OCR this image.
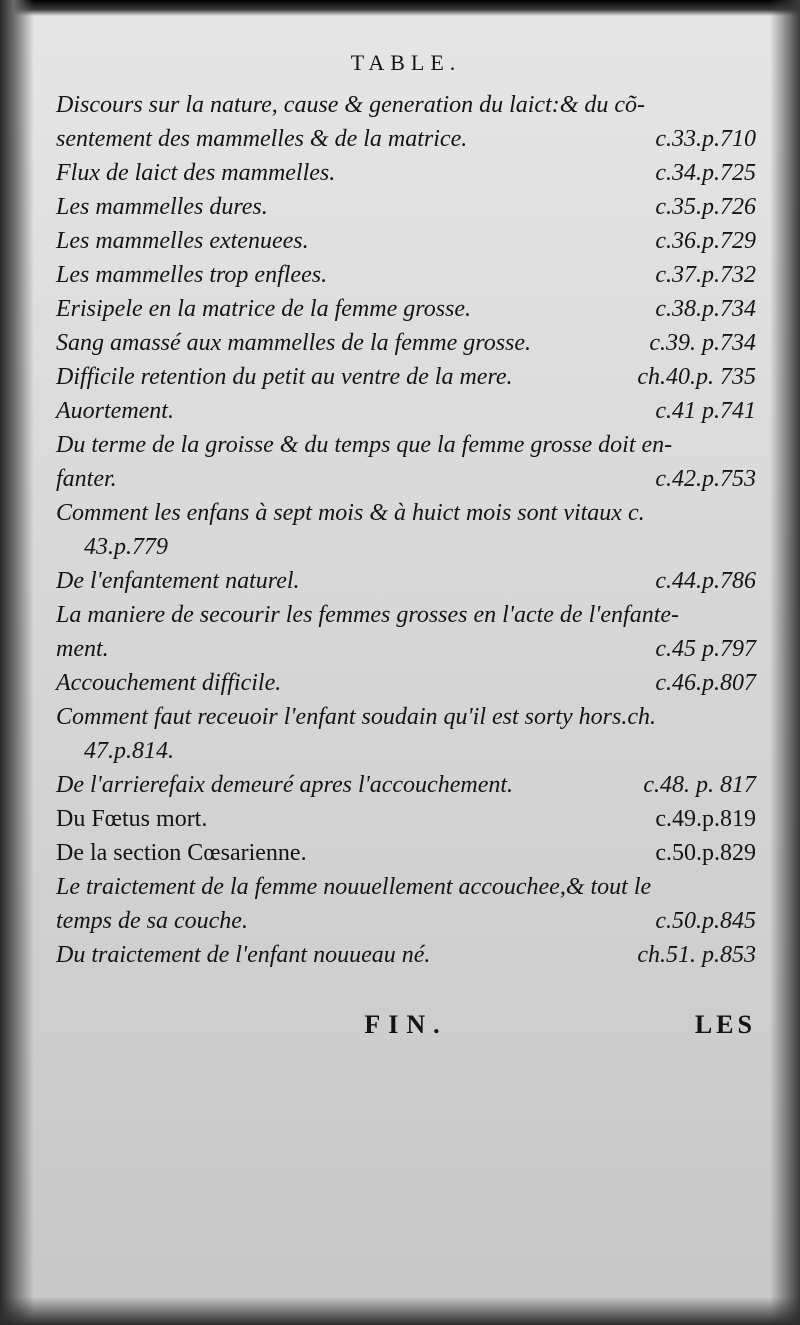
TABLE.
Discours sur la nature, cause & generation du laict:& du cõ-
sentement des mammelles & de la matrice.	c.33.p.710
Flux de laict des mammelles.	c.34.p.725
Les mammelles dures.	c.35.p.726
Les mammelles extenuees.	c.36.p.729
Les mammelles trop enflees.	c.37.p.732
Erisipele en la matrice de la femme grosse.	c.38.p.734
Sang amassé aux mammelles de la femme grosse.	c.39. p.734
Difficile retention du petit au ventre de la mere.	ch.40.p. 735
Auortement.	c.41 p.741
Du terme de la groisse & du temps que la femme grosse doit en-
fanter.	c.42.p.753
Comment les enfans à sept mois & à huict mois sont vitaux c.
43.p.779
De l'enfantement naturel.	c.44.p.786
La maniere de secourir les femmes grosses en l'acte de l'enfante-
ment.	c.45 p.797
Accouchement difficile.	c.46.p.807
Comment faut receuoir l'enfant soudain qu'il est sorty hors.ch.
47.p.814.
De l'arrierefaix demeuré apres l'accouchement.	c.48. p. 817
Du Fœtus mort.	c.49.p.819
De la section Cœsarienne.	c.50.p.829
Le traictement de la femme nouuellement accouchee,& tout le
temps de sa couche.	c.50.p.845
Du traictement de l'enfant nouueau né.	ch.51. p.853
FIN.	LES
